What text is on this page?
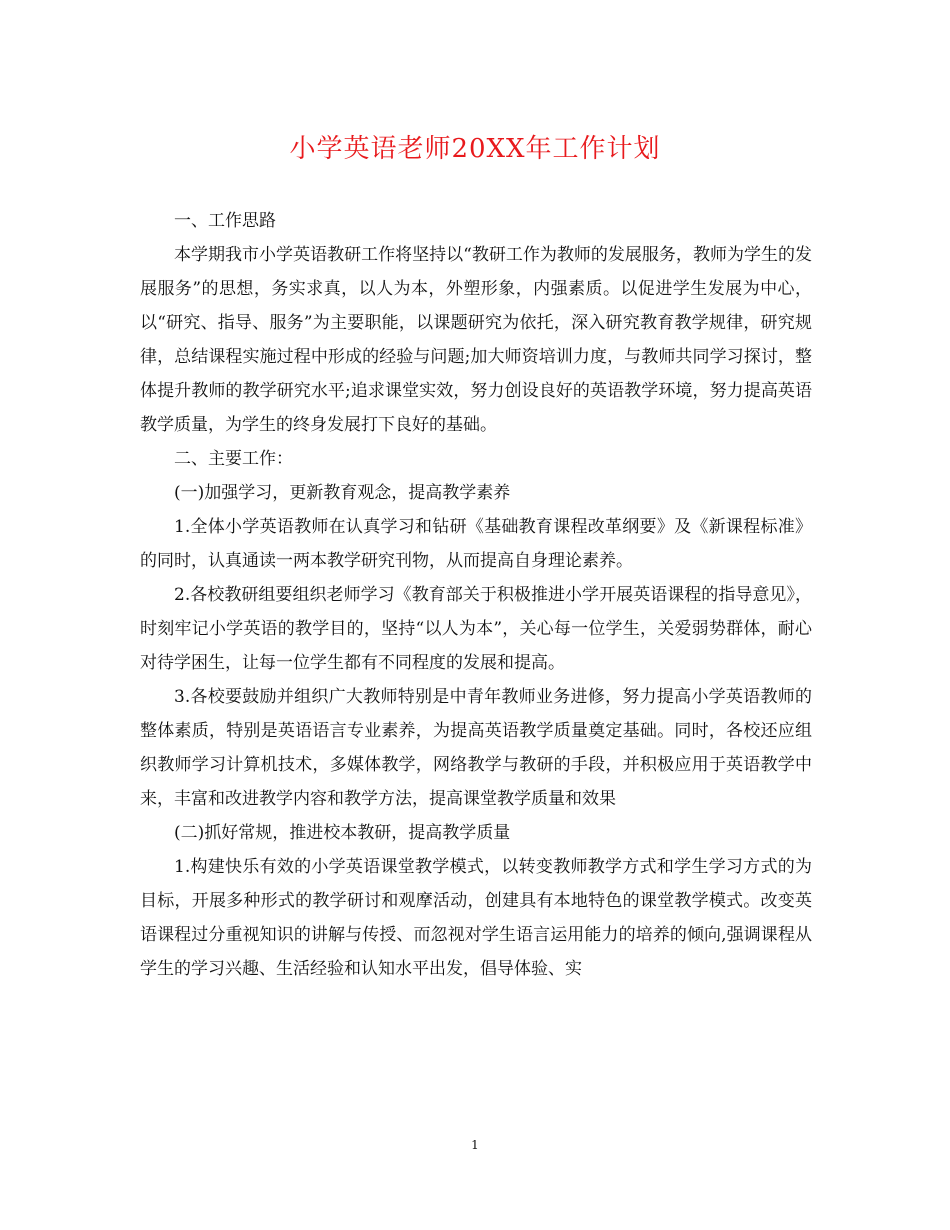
小学英语老师20XX年工作计划

一、工作思路

本学期我市小学英语教研工作将坚持以“教研工作为教师的发展服务，教师为学生的发展服务”的思想，务实求真，以人为本，外塑形象，内强素质。以促进学生发展为中心，以“研究、指导、服务”为主要职能，以课题研究为依托，深入研究教育教学规律，研究规律，总结课程实施过程中形成的经验与问题;加大师资培训力度，与教师共同学习探讨，整体提升教师的教学研究水平;追求课堂实效，努力创设良好的英语教学环境，努力提高英语教学质量，为学生的终身发展打下良好的基础。

二、主要工作：

(一)加强学习，更新教育观念，提高教学素养

1.全体小学英语教师在认真学习和钻研《基础教育课程改革纲要》及《新课程标准》的同时，认真通读一两本教学研究刊物，从而提高自身理论素养。

2.各校教研组要组织老师学习《教育部关于积极推进小学开展英语课程的指导意见》，时刻牢记小学英语的教学目的，坚持“以人为本”，关心每一位学生，关爱弱势群体，耐心对待学困生，让每一位学生都有不同程度的发展和提高。

3.各校要鼓励并组织广大教师特别是中青年教师业务进修，努力提高小学英语教师的整体素质，特别是英语语言专业素养，为提高英语教学质量奠定基础。同时，各校还应组织教师学习计算机技术，多媒体教学，网络教学与教研的手段，并积极应用于英语教学中来，丰富和改进教学内容和教学方法，提高课堂教学质量和效果

(二)抓好常规，推进校本教研，提高教学质量

1.构建快乐有效的小学英语课堂教学模式，以转变教师教学方式和学生学习方式的为目标，开展多种形式的教学研讨和观摩活动，创建具有本地特色的课堂教学模式。改变英语课程过分重视知识的讲解与传授、而忽视对学生语言运用能力的培养的倾向,强调课程从学生的学习兴趣、生活经验和认知水平出发，倡导体验、实

1
